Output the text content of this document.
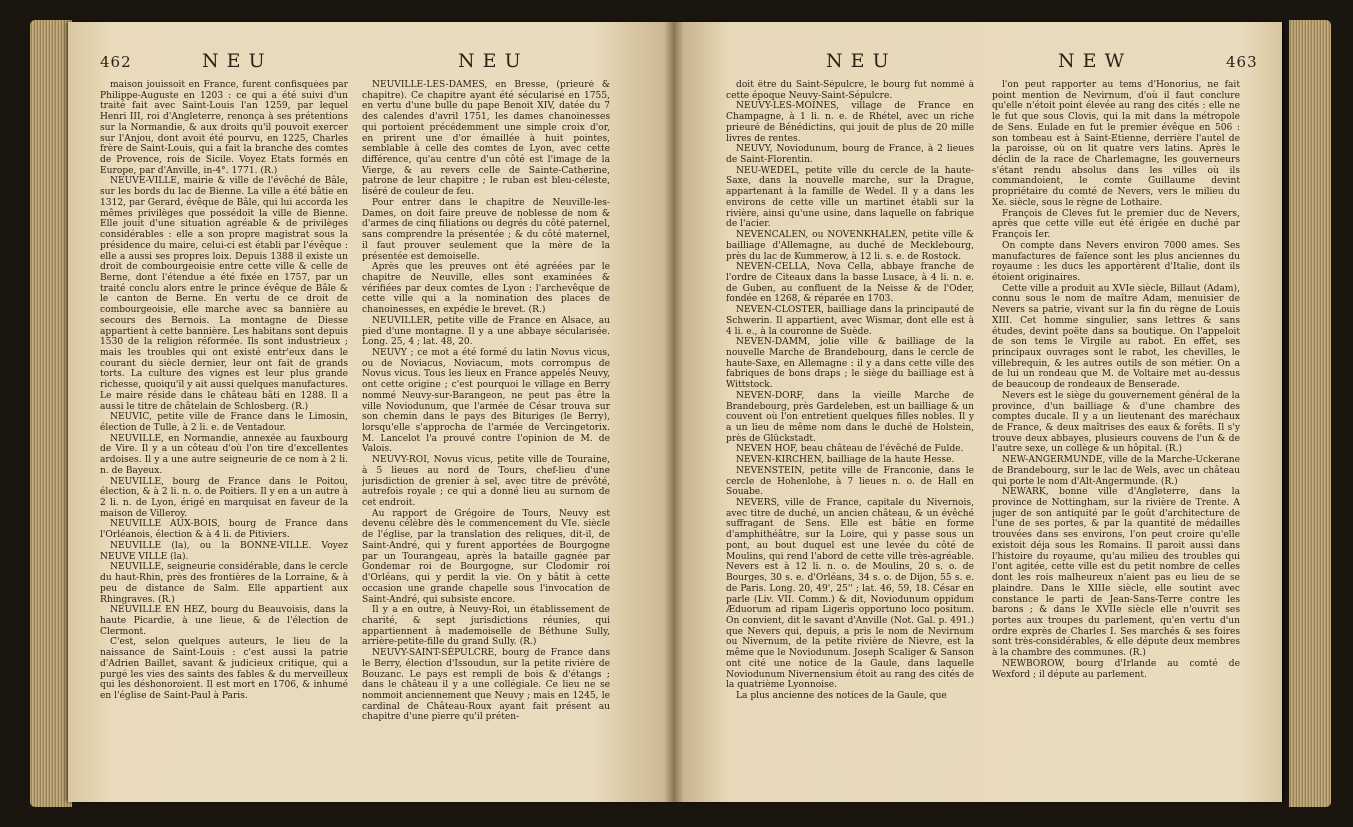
462	N E U	N E U

maison jouissoit en France, furent confisquées par Philippe-Auguste en 1203 : ce qui a été suivi d'un traité fait avec Saint-Louis l'an 1259, par lequel Henri III, roi d'Angleterre, renonça à ses prétentions sur la Normandie, & aux droits qu'il pouvoit exercer sur l'Anjou, dont avoit été pourvu, en 1225, Charles frère de Saint-Louis, qui a fait la branche des comtes de Provence, rois de Sicile. Voyez Etats formés en Europe, par d'Anville, in-4°. 1771. (R.)

NEUVE-VILLE, mairie & ville de l'évêché de Bâle, sur les bords du lac de Bienne. La ville a été bâtie en 1312, par Gerard, évêque de Bâle, qui lui accorda les mêmes privilèges que possédoit la ville de Bienne. Elle jouit d'une situation agréable & de privilèges considérables : elle a son propre magistrat sous la présidence du maire, celui-ci est établi par l'évêque : elle a aussi ses propres loix. Depuis 1388 il existe un droit de combourgeoisie entre cette ville & celle de Berne, dont l'étendue a été fixée en 1757, par un traité conclu alors entre le prince évêque de Bâle & le canton de Berne. En vertu de ce droit de combourgeoisie, elle marche avec sa bannière au secours des Bernois. La montagne de Diesse appartient à cette bannière. Les habitans sont depuis 1530 de la religion réformée. Ils sont industrieux ; mais les troubles qui ont existé entr'eux dans le courant du siècle dernier, leur ont fait de grands torts. La culture des vignes est leur plus grande richesse, quoiqu'il y ait aussi quelques manufactures. Le maire réside dans le château bâti en 1288. Il a aussi le titre de châtelain de Schlosberg. (R.)

NEUVIC, petite ville de France dans le Limosin, élection de Tulle, à 2 li. e. de Ventadour.

NEUVILLE, en Normandie, annexée au fauxbourg de Vire. Il y a un côteau d'où l'on tire d'excellentes ardoises. Il y a une autre seigneurie de ce nom à 2 li. n. de Bayeux.

NEUVILLE, bourg de France dans le Poitou, élection, & à 2 li. n. o. de Poitiers. Il y en a un autre à 2 li. n. de Lyon, érigé en marquisat en faveur de la maison de Villeroy.

NEUVILLE AUX-BOIS, bourg de France dans l'Orléanois, élection & à 4 li. de Pitiviers.

NEUVILLE (la), ou la BONNE-VILLE. Voyez NEUVE VILLE (la).

NEUVILLE, seigneurie considérable, dans le cercle du haut-Rhin, près des frontières de la Lorraine, & à peu de distance de Salm. Elle appartient aux Rhingraves. (R.)

NEUVILLE EN HEZ, bourg du Beauvoisis, dans la haute Picardie, à une lieue, & de l'élection de Clermont.

C'est, selon quelques auteurs, le lieu de la naissance de Saint-Louis : c'est aussi la patrie d'Adrien Baillet, savant & judicieux critique, qui a purgé les vies des saints des fables & du merveilleux qui les déshonoroient. Il est mort en 1706, & inhumé en l'église de Saint-Paul à Paris.

NEUVILLE-LES-DAMES, en Bresse, (prieuré & chapitre). Ce chapitre ayant été sécularisé en 1755, en vertu d'une bulle du pape Benoit XIV, datée du 7 des calendes d'avril 1751, les dames chanoinesses qui portoient précédemment une simple croix d'or, en prirent une d'or émaillée à huit pointes, semblable à celle des comtes de Lyon, avec cette différence, qu'au centre d'un côté est l'image de la Vierge, & au revers celle de Sainte-Catherine, patrone de leur chapitre ; le ruban est bleu-céleste, liséré de couleur de feu.

Pour entrer dans le chapitre de Neuville-les-Dames, on doit faire preuve de noblesse de nom & d'armes de cinq filiations ou degrés du côté paternel, sans comprendre la présentée ; & du côté maternel, il faut prouver seulement que la mère de la présentée est demoiselle.

Après que les preuves ont été agréées par le chapitre de Neuville, elles sont examinées & vérifiées par deux comtes de Lyon : l'archevêque de cette ville qui a la nomination des places de chanoinesses, en expédie le brevet. (R.)

NEUVILLER, petite ville de France en Alsace, au pied d'une montagne. Il y a une abbaye sécularisée. Long. 25, 4 ; lat. 48, 20.

NEUVY ; ce mot a été formé du latin Novus vicus, ou de Noviacus, Noviacum, mots corrompus de Novus vicus. Tous les lieux en France appelés Neuvy, ont cette origine ; c'est pourquoi le village en Berry nommé Neuvy-sur-Barangeon, ne peut pas être la ville Noviodunum, que l'armée de César trouva sur son chemin dans le pays des Bituriges (le Berry), lorsqu'elle s'approcha de l'armée de Vercingetorix. M. Lancelot l'a prouvé contre l'opinion de M. de Valois.

NEUVY-ROI, Novus vicus, petite ville de Touraine, à 5 lieues au nord de Tours, chef-lieu d'une jurisdiction de grenier à sel, avec titre de prévôté, autrefois royale ; ce qui a donné lieu au surnom de cet endroit.

Au rapport de Grégoire de Tours, Neuvy est devenu célèbre dès le commencement du VIe. siècle de l'église, par la translation des reliques, dit-il, de Saint-André, qui y furent apportées de Bourgogne par un Tourangeau, après la bataille gagnée par Gondemar roi de Bourgogne, sur Clodomir roi d'Orléans, qui y perdit la vie. On y bâtit à cette occasion une grande chapelle sous l'invocation de Saint-André, qui subsiste encore.

Il y a en outre, à Neuvy-Roi, un établissement de charité, & sept jurisdictions réunies, qui appartiennent à mademoiselle de Béthune Sully, arrière-petite-fille du grand Sully. (R.)

NEUVY-SAINT-SÉPULCRE, bourg de France dans le Berry, élection d'Issoudun, sur la petite rivière de Bouzanc. Le pays est rempli de bois & d'étangs ; dans le château il y a une collégiale. Ce lieu ne se nommoit anciennement que Neuvy ; mais en 1245, le cardinal de Château-Roux ayant fait présent au chapitre d'une pierre qu'il préten-

N E U	N E W	463

doit être du Saint-Sépulcre, le bourg fut nommé à cette époque Neuvy-Saint-Sépulcre.

NEUVY-LES-MOINES, village de France en Champagne, à 1 li. n. e. de Rhétel, avec un riche prieuré de Bénédictins, qui jouit de plus de 20 mille livres de rentes.

NEUVY, Noviodunum, bourg de France, à 2 lieues de Saint-Florentin.

NEU-WEDEL, petite ville du cercle de la haute-Saxe, dans la nouvelle marche, sur la Drague, appartenant à la famille de Wedel. Il y a dans les environs de cette ville un martinet établi sur la rivière, ainsi qu'une usine, dans laquelle on fabrique de l'acier.

NEVENCALEN, ou NOVENKHALEN, petite ville & bailliage d'Allemagne, au duché de Mecklebourg, près du lac de Kummerow, à 12 li. s. e. de Rostock.

NEVEN-CELLA, Nova Cella, abbaye franche de l'ordre de Citeaux dans la basse Lusace, à 4 li. n. e. de Guben, au confluent de la Neisse & de l'Oder, fondée en 1268, & réparée en 1703.

NEVEN-CLOSTER, bailliage dans la principauté de Schwerin. Il appartient, avec Wismar, dont elle est à 4 li. e., à la couronne de Suède.

NEVEN-DAMM, jolie ville & bailliage de la nouvelle Marche de Brandebourg, dans le cercle de haute-Saxe, en Allemagne : il y a dans cette ville des fabriques de bons draps ; le siège du bailliage est à Wittstock.

NEVEN-DORF, dans la vieille Marche de Brandebourg, près Gardeleben, est un bailliage & un couvent où l'on entretient quelques filles nobles. Il y a un lieu de même nom dans le duché de Holstein, près de Glückstadt.

NEVEN HOF, beau château de l'évêché de Fulde.

NEVEN-KIRCHEN, bailliage de la haute Hesse.

NEVENSTEIN, petite ville de Franconie, dans le cercle de Hohenlohe, à 7 lieues n. o. de Hall en Souabe.

NEVERS, ville de France, capitale du Nivernois, avec titre de duché, un ancien château, & un évêché suffragant de Sens. Elle est bâtie en forme d'amphithéâtre, sur la Loire, qui y passe sous un pont, au bout duquel est une levée du côté de Moulins, qui rend l'abord de cette ville très-agréable. Nevers est à 12 li. n. o. de Moulins, 20 s. o. de Bourges, 30 s. e. d'Orléans, 34 s. o. de Dijon, 55 s. e. de Paris. Long. 20, 49', 25'' ; lat. 46, 59, 18. César en parle (Liv. VII. Comm.) & dit, Noviodunum oppidum Æduorum ad ripam Ligeris opportuno loco positum. On convient, dit le savant d'Anville (Not. Gal. p. 491.) que Nevers qui, depuis, a pris le nom de Nevirnum ou Nivernum, de la petite rivière de Nievre, est la même que le Noviodunum. Joseph Scaliger & Sanson ont cité une notice de la Gaule, dans laquelle Noviodunum Nivernensium étoit au rang des cités de la quatrième Lyonnoise.

La plus ancienne des notices de la Gaule, que

l'on peut rapporter au tems d'Honorius, ne fait point mention de Nevirnum, d'où il faut conclure qu'elle n'étoit point élevée au rang des cités : elle ne le fut que sous Clovis, qui la mit dans la métropole de Sens. Eulade en fut le premier évêque en 506 : son tombeau est à Saint-Etienne, derrière l'autel de la paroisse, où on lit quatre vers latins. Après le déclin de la race de Charlemagne, les gouverneurs s'étant rendu absolus dans les villes où ils commandoient, le comte Guillaume devint propriétaire du comté de Nevers, vers le milieu du Xe. siècle, sous le règne de Lothaire.

François de Cleves fut le premier duc de Nevers, après que cette ville eut été érigée en duché par François Ier.

On compte dans Nevers environ 7000 ames. Ses manufactures de faïence sont les plus anciennes du royaume : les ducs les apportèrent d'Italie, dont ils étoient originaires.

Cette ville a produit au XVIe siècle, Billaut (Adam), connu sous le nom de maître Adam, menuisier de Nevers sa patrie, vivant sur la fin du règne de Louis XIII. Cet homme singulier, sans lettres & sans études, devint poëte dans sa boutique. On l'appeloit de son tems le Virgile au rabot. En effet, ses principaux ouvrages sont le rabot, les chevilles, le villebrequin, & les autres outils de son métier. On a de lui un rondeau que M. de Voltaire met au-dessus de beaucoup de rondeaux de Benserade.

Nevers est le siège du gouvernement général de la province, d'un bailliage & d'une chambre des comptes ducale. Il y a un lieutenant des maréchaux de France, & deux maîtrises des eaux & forêts. Il s'y trouve deux abbayes, plusieurs couvens de l'un & de l'autre sexe, un collège & un hôpital. (R.)

NEW-ANGERMUNDE, ville de la Marche-Uckerane de Brandebourg, sur le lac de Wels, avec un château qui porte le nom d'Alt-Angermunde. (R.)

NEWARK, bonne ville d'Angleterre, dans la province de Nottingham, sur la rivière de Trente. A juger de son antiquité par le goût d'architecture de l'une de ses portes, & par la quantité de médailles trouvées dans ses environs, l'on peut croire qu'elle existoit déja sous les Romains. Il paroit aussi dans l'histoire du royaume, qu'au milieu des troubles qui l'ont agitée, cette ville est du petit nombre de celles dont les rois malheureux n'aient pas eu lieu de se plaindre. Dans le XIIIe siècle, elle soutint avec constance le parti de Jean-Sans-Terre contre les barons ; & dans le XVIIe siècle elle n'ouvrit ses portes aux troupes du parlement, qu'en vertu d'un ordre exprès de Charles I. Ses marchés & ses foires sont très-considérables, & elle députe deux membres à la chambre des communes. (R.)

NEWBOROW, bourg d'Irlande au comté de Wexford ; il députe au parlement.
